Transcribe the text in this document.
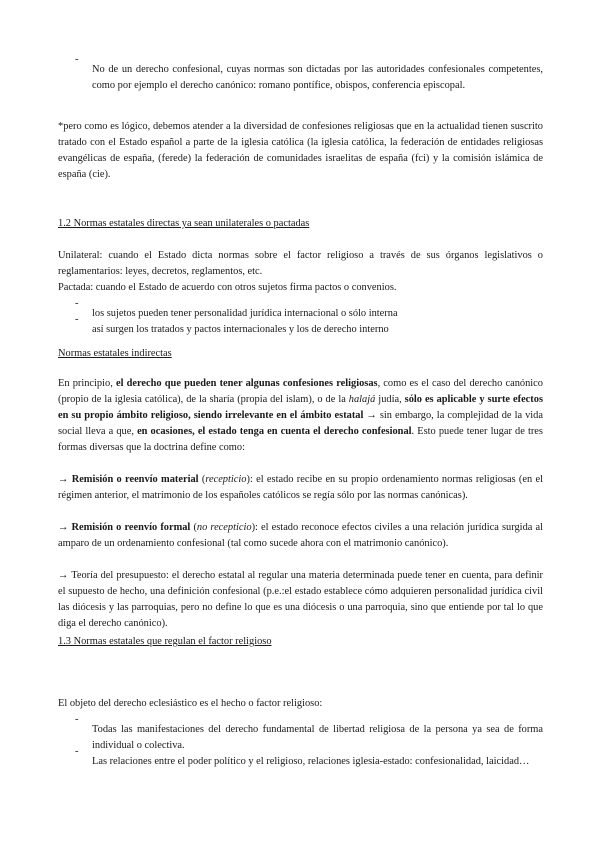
-

No de un derecho confesional, cuyas normas son dictadas por las autoridades confesionales competentes, como por ejemplo el derecho canónico: romano pontífice, obispos, conferencia episcopal.

*pero como es lógico, debemos atender a la diversidad de confesiones religiosas que en la actualidad tienen suscrito tratado con el Estado español a parte de la iglesia católica (la iglesia católica, la federación de entidades religiosas evangélicas de españa, (ferede) la federación de comunidades israelitas de españa (fci) y la comisión islámica de españa (cie).

1.2 Normas estatales directas ya sean unilaterales o pactadas

Unilateral: cuando el Estado dicta normas sobre el factor religioso a través de sus órganos legislativos o reglamentarios: leyes, decretos, reglamentos, etc.

Pactada: cuando el Estado de acuerdo con otros sujetos firma pactos o convenios.

-

los sujetos pueden tener personalidad jurídica internacional o sólo interna

-

así surgen los tratados y pactos internacionales y los de derecho interno

Normas estatales indirectas

En principio, el derecho que pueden tener algunas confesiones religiosas, como es el caso del derecho canónico (propio de la iglesia católica), de la sharía (propia del islam), o de la halajá judía, sólo es aplicable y surte efectos en su propio ámbito religioso, siendo irrelevante en el ámbito estatal → sin embargo, la complejidad de la vida social lleva a que, en ocasiones, el estado tenga en cuenta el derecho confesional. Esto puede tener lugar de tres formas diversas que la doctrina define como:

→ Remisión o reenvío material (recepticio): el estado recibe en su propio ordenamiento normas religiosas (en el régimen anterior, el matrimonio de los españoles católicos se regía sólo por las normas canónicas).

→ Remisión o reenvío formal (no recepticio): el estado reconoce efectos civiles a una relación jurídica surgida al amparo de un ordenamiento confesional (tal como sucede ahora con el matrimonio canónico).

→ Teoría del presupuesto: el derecho estatal al regular una materia determinada puede tener en cuenta, para definir el supuesto de hecho, una definición confesional (p.e.:el estado establece cómo adquieren personalidad jurídica civil las diócesis y las parroquias, pero no define lo que es una diócesis o una parroquia, sino que entiende por tal lo que diga el derecho canónico).

1.3 Normas estatales que regulan el factor religioso

El objeto del derecho eclesiástico es el hecho o factor religioso:

-

Todas las manifestaciones del derecho fundamental de libertad religiosa de la persona ya sea de forma individual o colectiva.

-

Las relaciones entre el poder político y el religioso, relaciones iglesia-estado: confesionalidad, laicidad…
